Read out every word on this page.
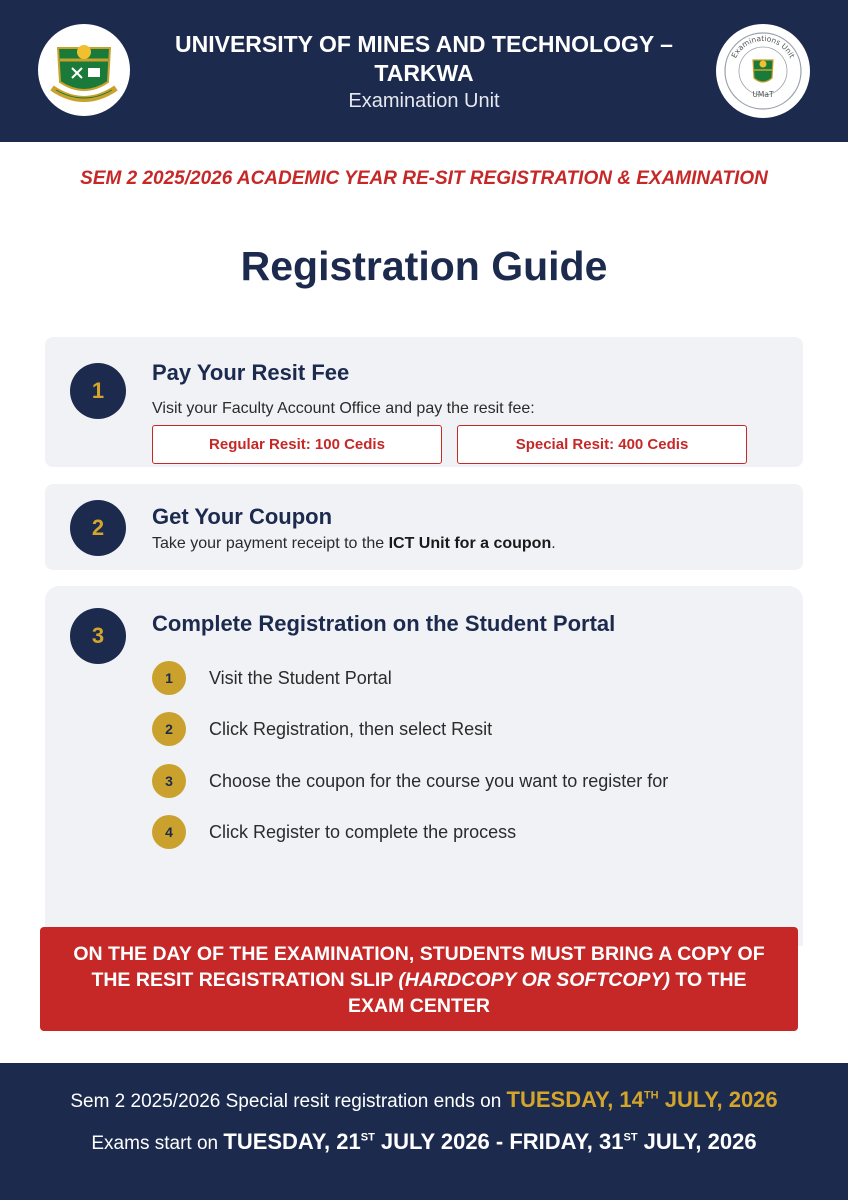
UNIVERSITY OF MINES AND TECHNOLOGY – TARKWA
Examination Unit
Examinations Unit
UMaT
SEM 2 2025/2026 ACADEMIC YEAR RE-SIT REGISTRATION & EXAMINATION
Registration Guide
1
Pay Your Resit Fee
Visit your Faculty Account Office and pay the resit fee:
Regular Resit: 100 Cedis	Special Resit: 400 Cedis
2	Get Your Coupon
Take your payment receipt to the ICT Unit for a coupon.
3	Complete Registration on the Student Portal
1	Visit the Student Portal
2	Click Registration, then select Resit
3	Choose the coupon for the course you want to register for
4	Click Register to complete the process
ON THE DAY OF THE EXAMINATION, STUDENTS MUST BRING A COPY OF THE RESIT REGISTRATION SLIP (HARDCOPY OR SOFTCOPY) TO THE EXAM CENTER
Sem 2 2025/2026 Special resit registration ends on TUESDAY, 14TH JULY, 2026
Exams start on TUESDAY, 21ST JULY 2026 - FRIDAY, 31ST JULY, 2026
